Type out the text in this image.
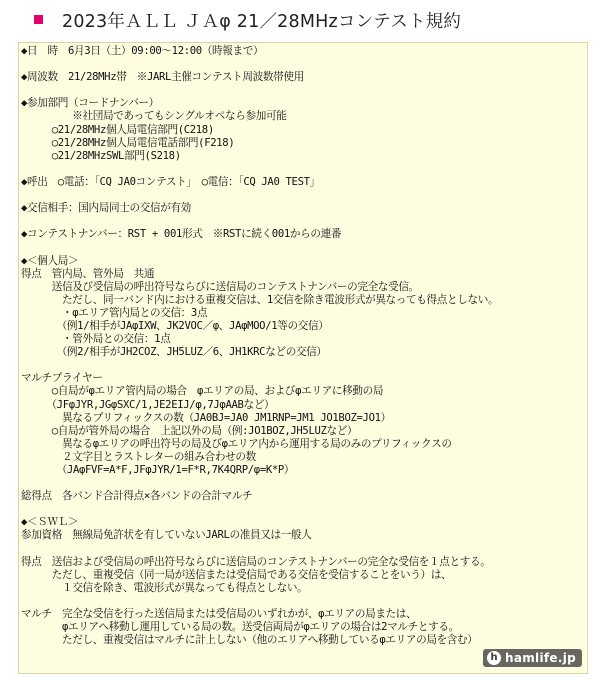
2023年ＡＬＬ ＪＡφ 21／28MHzコンテスト規約
◆日　時　6月3日（土）09:00～12:00（時報まで）
◆周波数　21/28MHz帯　※JARL主催コンテスト周波数帯使用
◆参加部門（コードナンバー）
　　　　　※社団局であってもシングルオペなら参加可能
　　　○21/28MHz個人局電信部門(C218)
　　　○21/28MHz個人局電信電話部門(F218)
　　　○21/28MHzSWL部門(S218)
◆呼出　○電話：「CQ JA0コンテスト」　○電信：「CQ JA0 TEST」
◆交信相手：国内局同士の交信が有効
◆コンテストナンバー：RST + 001形式　※RSTに続く001からの連番
◆＜個人局＞
得点　管内局、管外局　共通
　　　送信及び受信局の呼出符号ならびに送信局のコンテストナンバーの完全な受信。
　　　　ただし、同一バンド内における重複交信は、1交信を除き電波形式が異なっても得点としない。
　　　　・φエリア管内局との交信：3点
　　　　（例1/相手がJAφIXW、JK2VOC／φ、JAφMOO/1等の交信）
　　　　・管外局との交信：1点
　　　　（例2/相手がJH2COZ、JH5LUZ／6、JH1KRCなどの交信）
マルチプライヤー
　　　○自局がφエリア管内局の場合　φエリアの局、およびφエリアに移動の局
　　　（JFφJYR,JGφSXC/1,JE2EIJ/φ,7JφAABなど）
　　　　異なるプリフィックスの数（JA0BJ=JA0 JM1RNP=JM1 JO1BOZ=JO1）
　　　○自局が管外局の場合　上記以外の局（例:JO1BOZ,JH5LUZなど）
　　　　異なるφエリアの呼出符号の局及びφエリア内から運用する局のみのプリフィックスの
　　　　２文字目とラストレターの組み合わせの数
　　　　（JAφFVF=A*F,JFφJYR/1=F*R,7K4QRP/φ=K*P）
総得点　各バンド合計得点×各バンドの合計マルチ
◆＜ＳＷＬ＞
参加資格　無線局免許状を有していないJARLの准員又は一般人
得点　送信および受信局の呼出符号ならびに送信局のコンテストナンバーの完全な受信を１点とする。
　　　ただし、重複受信（同一局が送信または受信局である交信を受信することをいう）は、
　　　　１交信を除き、電波形式が異なっても得点としない。
マルチ　完全な受信を行った送信局または受信局のいずれかが、φエリアの局または、
　　　　φエリアへ移動し運用している局の数。送受信両局がφエリアの場合は2マルチとする。
　　　　ただし、重複受信はマルチに計上しない（他のエリアへ移動しているφエリアの局を含む）
h hamlife.jp
